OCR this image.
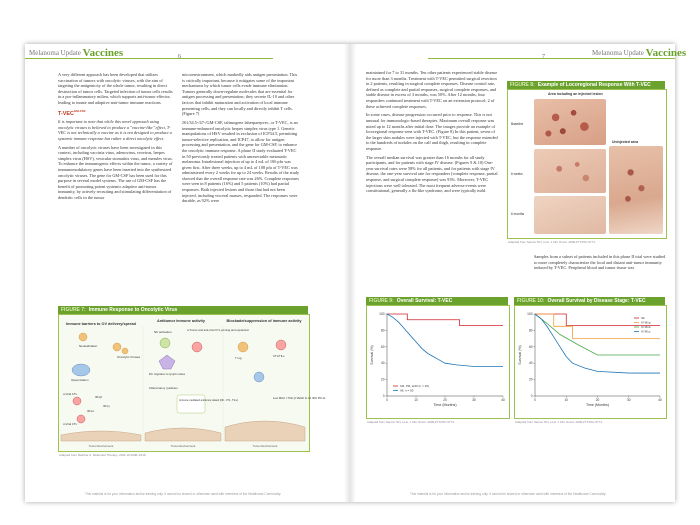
Melanoma Update Vaccines	6

A very different approach has been developed that utilizes vaccination of tumors with oncolytic viruses, with the aim of targeting the antigenicity of the whole tumor, resulting in direct destruction of tumor cells. Targeted infection of tumor cells results in a pro-inflammatory milieu, which supports anti-tumor effector, leading to innate and adaptive anti-tumor immune reactions.

$T-VEC^{GM-CSF}$

It is important to note that while this novel approach using oncolytic viruses is believed to produce a "vaccine-like" effect, T-VEC is not technically a vaccine as it is not designed to produce a systemic immune response but rather a direct oncolytic effect.

A number of oncolytic viruses have been investigated in this context, including vaccinia virus, adenovirus, reovirus, herpes simplex virus (HSV), vesicular stomatitis virus, and measles virus. To enhance the immunogenic effects within the tumor, a variety of immunomodulatory genes have been inserted into the synthesized oncolytic viruses. The gene for GM-CSF has been used for this purpose in several model systems. The use of GM-CSF has the benefit of promoting potent systemic adaptive anti-tumor immunity, by actively recruiting and stimulating differentiation of dendritic cells in the tumor

microenvironment, which markedly aids antigen presentation. This is critically important, because it mitigates some of the important mechanisms by which tumor cells evade immune elimination. Tumors generally down-regulate molecules that are essential for antigen processing and presentation; they secrete IL-10 and other factors that inhibit maturation and activation of local immune presenting cells; and they can locally and directly inhibit T cells. (Figure 7)

JS1/34.5-/47-/GM-CSF, talimogene laherparepvec, or T-VEC, is an immune-enhanced oncolytic herpes simplex virus type 1. Genetic manipulations of HSV resulted in exclusion of ICP34.5, permitting tumor-selective replication, and ICP47, to allow for antigen processing and presentation, and the gene for GM-CSF, to enhance the oncolytic immune response. A phase II study evaluated T-VEC in 50 previously treated patients with unresectable metastatic melanoma. Intralesional injection of up to 4 mL of 106 pfu was given first. After three weeks, up to 4 mL of 108 pfu of T-VEC was administered every 2 weeks for up to 24 weeks. Results of the study showed that the overall response rate was 26%. Complete responses were seen in 8 patients (16%) and 5 patients (10%) had partial responses. Both injected lesions and those that had not been injected, including visceral masses, responded. The responses were durable, as 92% were

FIGURE 7: Immune Response to Oncolytic Virus
Immune barriers to OV delivery/spread
Antitumor immune activity	Blockade/suppression of immune activity
Neutralization
Oncolytic Viruses
Opsonization
α-Viral CTL
IFN-β
IFN-γ
IFN-α
α-Viral CTL
Tumor Environment
NK activation	α-Tumor and anti-viral CTL priming and expansion
DC migration to lymph nodes
Inflammatory cytokines
Immune-mediated antitumor attack (NK, CTL, TILs)
Tumor Environment
T reg	CTL/TILs
Low MHC I TGF-β VEGF IL-10 IDO PD-1L
Tumor Environment
Adapted from Melcher A. Molecular Therapy. 2011;19:1008–1016.
This material is for your information and/or training only. It cannot be shared or otherwise used with members of the Healthcare Community.
Melanoma Update Vaccines
7

maintained for 7 to 31 months. Ten other patients experienced stable disease for more than 3 months. Treatment with T-VEC permitted surgical resection in 2 patients, resulting in surgical complete responses. Disease control rate, defined as complete and partial responses, surgical complete responses, and stable disease in excess of 3 months, was 50%. After 12 months, four responders continued treatment with T-VEC on an extension protocol; 2 of these achieved complete responses.

In some cases, disease progression occurred prior to response. This is not unusual for immunologic-based therapies. Maximum overall response was noted up to 12 months after initial dose. The images provide an example of locoregional response seen with T-VEC. (Figure 8) In this patient, seven of the larger skin nodules were injected with T-VEC, but the response extended to the hundreds of nodules on the calf and thigh, resulting in complete response.

The overall median survival was greater than 16 months for all study participants, and for patients with stage IV disease. (Figures 9 & 10) One-year survival rates were 58% for all patients, and for patients with stage IV disease, the one-year survival rate for responders (complete response, partial response, and surgical complete response) was 93%. Moreover, T-VEC injections were well tolerated. The most frequent adverse events were constitutional, generally a flu-like syndrome, and were typically mild.

FIGURE 8: Example of Locoregional Response With T-VEC
Area including an injected lesion
Baseline
6 weeks
6 months
Uninjected area
Adapted from Senzer NN, et al. J Clin Oncol. 2009;27:5763–5771.

Samples from a subset of patients included in this phase II trial were studied to more completely characterize the local and distant anti-tumor immunity induced by T-VEC. Peripheral blood and tumor tissue was

FIGURE 9: Overall Survival: T-VEC
0
20
40
60
80
100
0	10	20	30	40
Time (Months)
Survival (%)
CR, PR, sCR (n = 15)
All, n = 50
Adapted from Senzer NN, et al. J Clin Oncol. 2009;27:5763–5771.
FIGURE 10: Overall Survival by Disease Stage: T-VEC
0
20
40
60
80
100
0	10	20	30	40
Time (Months)
Survival (%)
IIIc
IV M1a
IV M1b
IV M1c
Adapted from Senzer NN, et al. J Clin Oncol. 2009;27:5763–5771.
This material is for your information and/or training only. It cannot be shared or otherwise used with members of the Healthcare Community.
